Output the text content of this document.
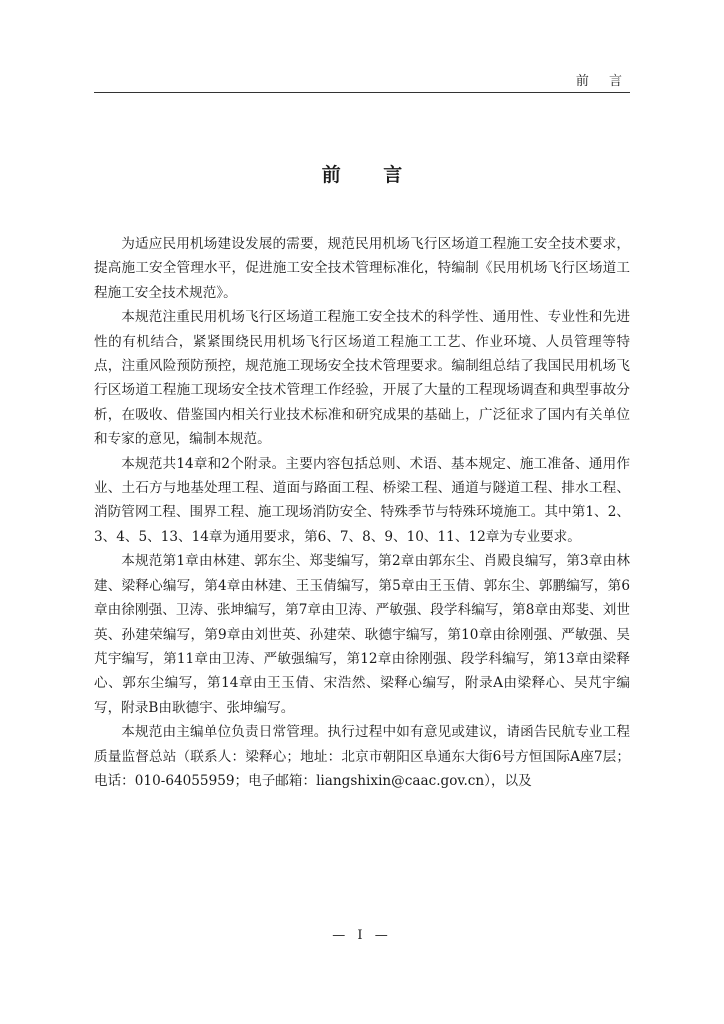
前 言
前 言

为适应民用机场建设发展的需要，规范民用机场飞行区场道工程施工安全技术要求，提高施工安全管理水平，促进施工安全技术管理标准化，特编制《民用机场飞行区场道工程施工安全技术规范》。

本规范注重民用机场飞行区场道工程施工安全技术的科学性、通用性、专业性和先进性的有机结合，紧紧围绕民用机场飞行区场道工程施工工艺、作业环境、人员管理等特点，注重风险预防预控，规范施工现场安全技术管理要求。编制组总结了我国民用机场飞行区场道工程施工现场安全技术管理工作经验，开展了大量的工程现场调查和典型事故分析，在吸收、借鉴国内相关行业技术标准和研究成果的基础上，广泛征求了国内有关单位和专家的意见，编制本规范。

本规范共14章和2个附录。主要内容包括总则、术语、基本规定、施工准备、通用作业、土石方与地基处理工程、道面与路面工程、桥梁工程、通道与隧道工程、排水工程、消防管网工程、围界工程、施工现场消防安全、特殊季节与特殊环境施工。其中第1、2、3、4、5、13、14章为通用要求，第6、7、8、9、10、11、12章为专业要求。

本规范第1章由林建、郭东尘、郑斐编写，第2章由郭东尘、肖殿良编写，第3章由林建、梁释心编写，第4章由林建、王玉倩编写，第5章由王玉倩、郭东尘、郭鹏编写，第6章由徐刚强、卫涛、张坤编写，第7章由卫涛、严敏强、段学科编写，第8章由郑斐、刘世英、孙建荣编写，第9章由刘世英、孙建荣、耿德宇编写，第10章由徐刚强、严敏强、吴芃宇编写，第11章由卫涛、严敏强编写，第12章由徐刚强、段学科编写，第13章由梁释心、郭东尘编写，第14章由王玉倩、宋浩然、梁释心编写，附录A由梁释心、吴芃宇编写，附录B由耿德宇、张坤编写。

本规范由主编单位负责日常管理。执行过程中如有意见或建议，请函告民航专业工程质量监督总站（联系人：梁释心；地址：北京市朝阳区阜通东大街6号方恒国际A座7层；电话：010-64055959；电子邮箱：liangshixin@caac.gov.cn），以及

— I —
